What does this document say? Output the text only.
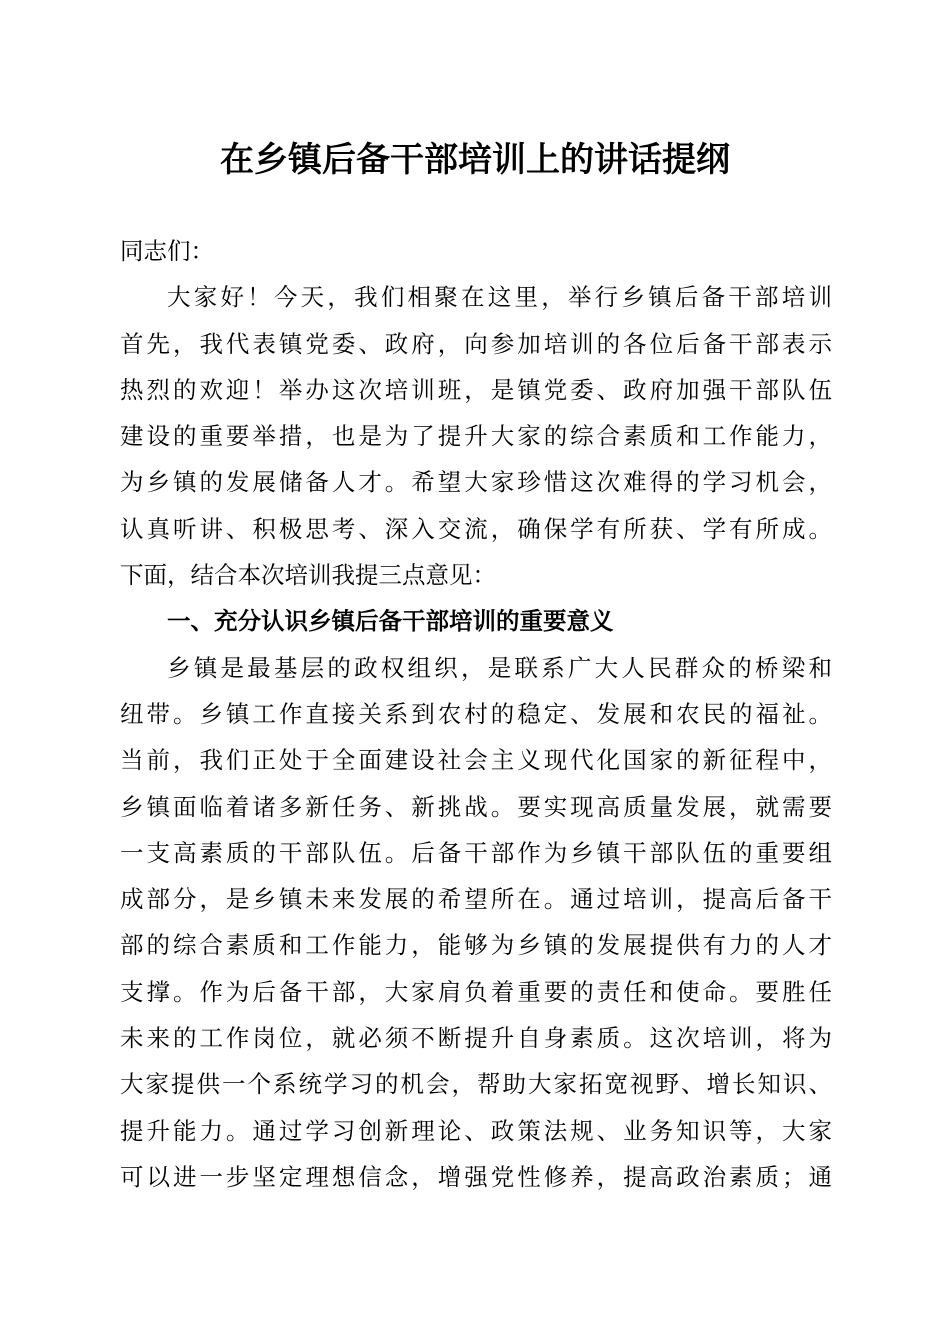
在乡镇后备干部培训上的讲话提纲

同志们：

大家好！今天，我们相聚在这里，举行乡镇后备干部培训
首先，我代表镇党委、政府，向参加培训的各位后备干部表示
热烈的欢迎！举办这次培训班，是镇党委、政府加强干部队伍
建设的重要举措，也是为了提升大家的综合素质和工作能力，
为乡镇的发展储备人才。希望大家珍惜这次难得的学习机会，
认真听讲、积极思考、深入交流，确保学有所获、学有所成。
下面，结合本次培训我提三点意见：

一、充分认识乡镇后备干部培训的重要意义

乡镇是最基层的政权组织，是联系广大人民群众的桥梁和
纽带。乡镇工作直接关系到农村的稳定、发展和农民的福祉。
当前，我们正处于全面建设社会主义现代化国家的新征程中，
乡镇面临着诸多新任务、新挑战。要实现高质量发展，就需要
一支高素质的干部队伍。后备干部作为乡镇干部队伍的重要组
成部分，是乡镇未来发展的希望所在。通过培训，提高后备干
部的综合素质和工作能力，能够为乡镇的发展提供有力的人才
支撑。作为后备干部，大家肩负着重要的责任和使命。要胜任
未来的工作岗位，就必须不断提升自身素质。这次培训，将为
大家提供一个系统学习的机会，帮助大家拓宽视野、增长知识、
提升能力。通过学习创新理论、政策法规、业务知识等，大家
可以进一步坚定理想信念，增强党性修养，提高政治素质；通
